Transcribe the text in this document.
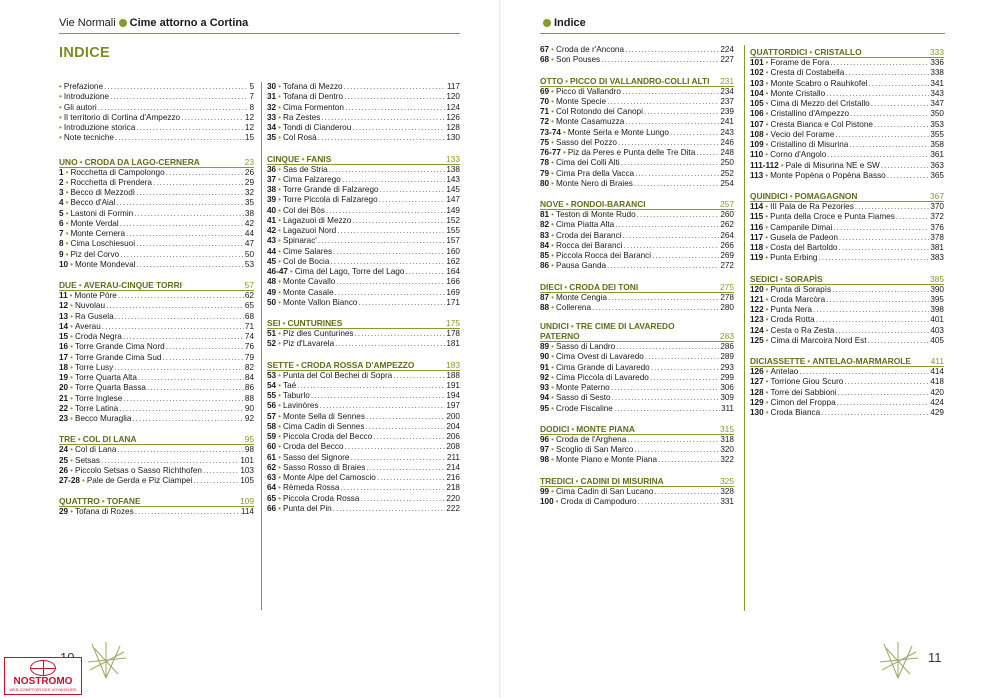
Vie Normali Cime attorno a Cortina
INDICE
• Prefazione .....	5
• Introduzione .....	7
• Gli autori .....	8
• Il territorio di Cortina d'Ampezzo .....	12
• Introduzione storica .....	12
• Note tecniche .....	15
UNO • CRODA DA LAGO-CERNERA	23
1 • Rocchetta di Campolongo .....	26
2 • Rocchetta di Prendera .....	29
3 • Becco di Mezzodì .....	32
4 • Becco d'Aial .....	35
5 • Lastoni di Formin .....	38
6 • Monte Verdal .....	42
7 • Monte Cernera .....	44
8 • Cima Loschiesuoi .....	47
9 • Piz del Corvo .....	50
10 • Monte Mondeval .....	53
DUE • AVERAU-CINQUE TORRI	57
11 • Monte Pòre .....	62
12 • Nuvolau .....	65
13 • Ra Gusela .....	68
14 • Averau .....	71
15 • Croda Negra .....	74
16 • Torre Grande Cima Nord .....	76
17 • Torre Grande Cima Sud .....	79
18 • Torre Lusy .....	82
19 • Torre Quarta Alta .....	84
20 • Torre Quarta Bassa .....	86
21 • Torre Inglese .....	88
22 • Torre Latina .....	90
23 • Becco Muraglia .....	92
TRE • COL DI LANA	95
24 • Col di Lana .....	98
25 • Setsas .....	101
26 • Piccolo Setsas o Sasso Richthofen .....	103
27-28 • Pale de Gerda e Piz Ciampei .....	105
QUATTRO • TOFANE	109
29 • Tofana di Rozes .....	114
30 • Tofana di Mezzo .....	117
31 • Tofana di Dentro .....	120
32 • Cima Formenton .....	124
33 • Ra Zestes .....	126
34 • Tondi di Cianderou .....	128
35 • Col Rosà .....	130
CINQUE • FANIS	133
36 • Sas de Stria .....	138
37 • Cima Falzarego .....	143
38 • Torre Grande di Falzarego .....	145
39 • Torre Piccola di Falzarego .....	147
40 • Col dei Bòs .....	149
41 • Lagazuoi di Mezzo .....	152
42 • Lagazuoi Nord .....	155
43 • Spinarac' .....	157
44 • Cime Salares .....	160
45 • Col de Bocia .....	162
46-47 • Cima del Lago, Torre del Lago .....	164
48 • Monte Cavallo .....	166
49 • Monte Casale .....	169
50 • Monte Vallon Bianco .....	171
SEI • CUNTURINES	175
51 • Piz dles Cunturines .....	178
52 • Piz d'Lavarela .....	181
SETTE • CRODA ROSSA D'AMPEZZO	183
53 • Punta del Col Bechei di Sopra .....	188
54 • Taé .....	191
55 • Taburlo .....	194
56 • Lavinòres .....	197
57 • Monte Sella di Sennes .....	200
58 • Cima Cadin di Sennes .....	204
59 • Piccola Croda del Becco .....	206
60 • Croda del Becco .....	208
61 • Sasso del Signore .....	211
62 • Sasso Rosso di Braies .....	214
63 • Monte Alpe del Camoscio .....	216
64 • Rèmeda Rossa .....	218
65 • Piccola Croda Rossa .....	220
66 • Punta del Pin .....	222
NOSTROMO
WEB COMPTOIR DES VOYAGEURS
Indice
67 • Croda de r'Ancona .....	224
68 • Son Pouses .....	227
OTTO • PICCO DI VALLANDRO-COLLI ALTI 231
69 • Picco di Vallandro .....	234
70 • Monte Specie .....	237
71 • Col Rotondo dei Canopi .....	239
72 • Monte Casamuzza .....	241
73-74 • Monte Serla e Monte Lungo .....	243
75 • Sasso del Pozzo .....	246
76-77 • Piz da Peres e Punta delle Tre Dita .....	248
78 • Cima dei Colli Alti .....	250
79 • Cima Pra della Vacca .....	252
80 • Monte Nero di Braies .....	254
NOVE • RONDOI-BARANCI	257
81 • Teston di Monte Rudo .....	260
82 • Cima Piatta Alta .....	262
83 • Croda dei Baranci .....	264
84 • Rocca dei Baranci .....	266
85 • Piccola Rocca dei Baranci .....	269
86 • Pausa Ganda .....	272
DIECI • CRODA DEI TONI	275
87 • Monte Cengia .....	278
88 • Collerena .....	280
UNDICI • TRE CIME DI LAVAREDO
PATERNO	283
89 • Sasso di Landro .....	286
90 • Cima Ovest di Lavaredo .....	289
91 • Cima Grande di Lavaredo .....	293
92 • Cima Piccola di Lavaredo .....	299
93 • Monte Paterno .....	306
94 • Sasso di Sesto .....	309
95 • Crode Fiscaline .....	311
DODICI • MONTE PIANA	315
96 • Croda de l'Arghena .....	318
97 • Scoglio di San Marco .....	320
98 • Monte Piano e Monte Piana .....	322
TREDICI • CADINI DI MISURINA	325
99 • Cima Cadin di San Lucano .....	328
100 • Croda di Campoduro .....	331
QUATTORDICI • CRISTALLO	333
101 • Forame de Fora .....	336
102 • Cresta di Costabella .....	338
103 • Monte Scabro o Rauhkofel .....	341
104 • Monte Cristallo .....	343
105 • Cima di Mezzo del Cristallo .....	347
106 • Cristallino d'Ampezzo .....	350
107 • Cresta Bianca e Col Pistone .....	353
108 • Vecio del Forame .....	355
109 • Cristallino di Misurina .....	358
110 • Corno d'Angolo .....	361
111-112 • Pale di Misurina NE e SW .....	363
113 • Monte Popèna o Popèna Basso .....	365
QUINDICI • POMAGAGNON	367
114 • III Pala de Ra Pezories .....	370
115 • Punta della Croce e Punta Fiames .....	372
116 • Campanile Dimai .....	376
117 • Gusela de Padeon .....	378
118 • Costa del Bartoldo .....	381
119 • Punta Erbing .....	383
SEDICI • SORAPÌS	385
120 • Punta di Sorapìs .....	390
121 • Croda Marcòra .....	395
122 • Punta Nera .....	398
123 • Croda Rotta .....	401
124 • Cesta o Ra Zesta .....	403
125 • Cima di Marcoira Nord Est .....	405
DICIASSETTE • ANTELAO-MARMAROLE 411
126 • Antelao .....	414
127 • Torrione Giou Scuro .....	418
128 • Torre dei Sabbioni .....	420
129 • Cimon del Froppa .....	424
130 • Croda Bianca .....	429
11
